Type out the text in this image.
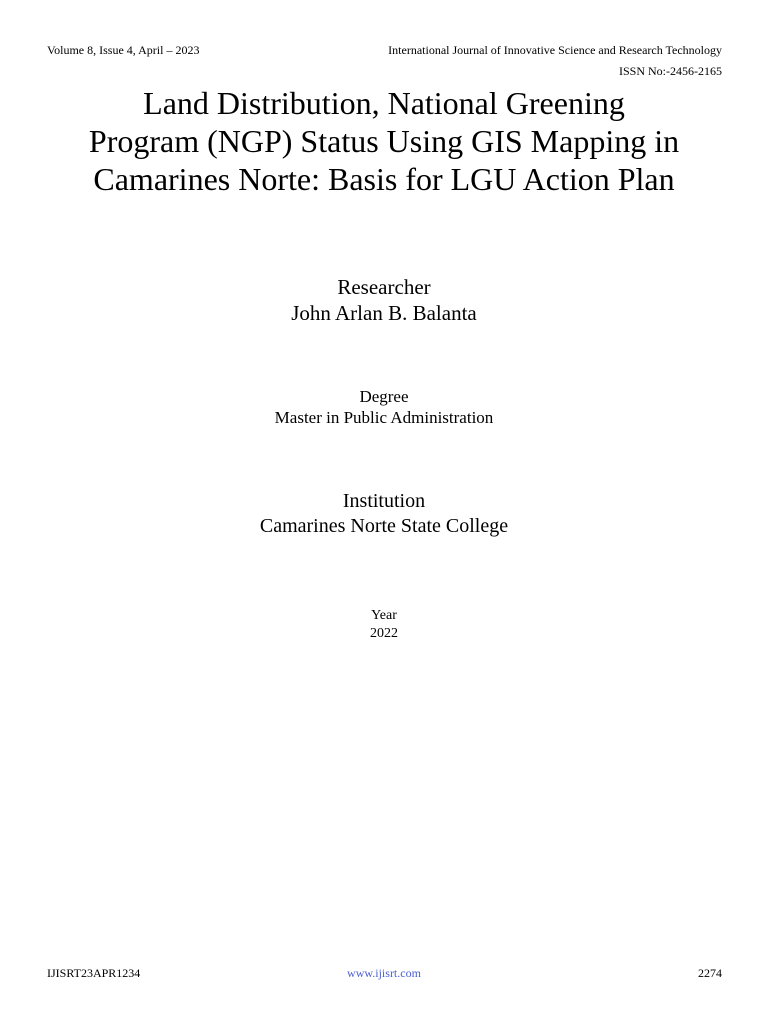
Volume 8, Issue 4, April – 2023	International Journal of Innovative Science and Research Technology
ISSN No:-2456-2165
Land Distribution, National Greening
Program (NGP) Status Using GIS Mapping in
Camarines Norte: Basis for LGU Action Plan
Researcher
John Arlan B. Balanta
Degree
Master in Public Administration
Institution
Camarines Norte State College
Year
2022
IJISRT23APR1234	www.ijisrt.com	2274
